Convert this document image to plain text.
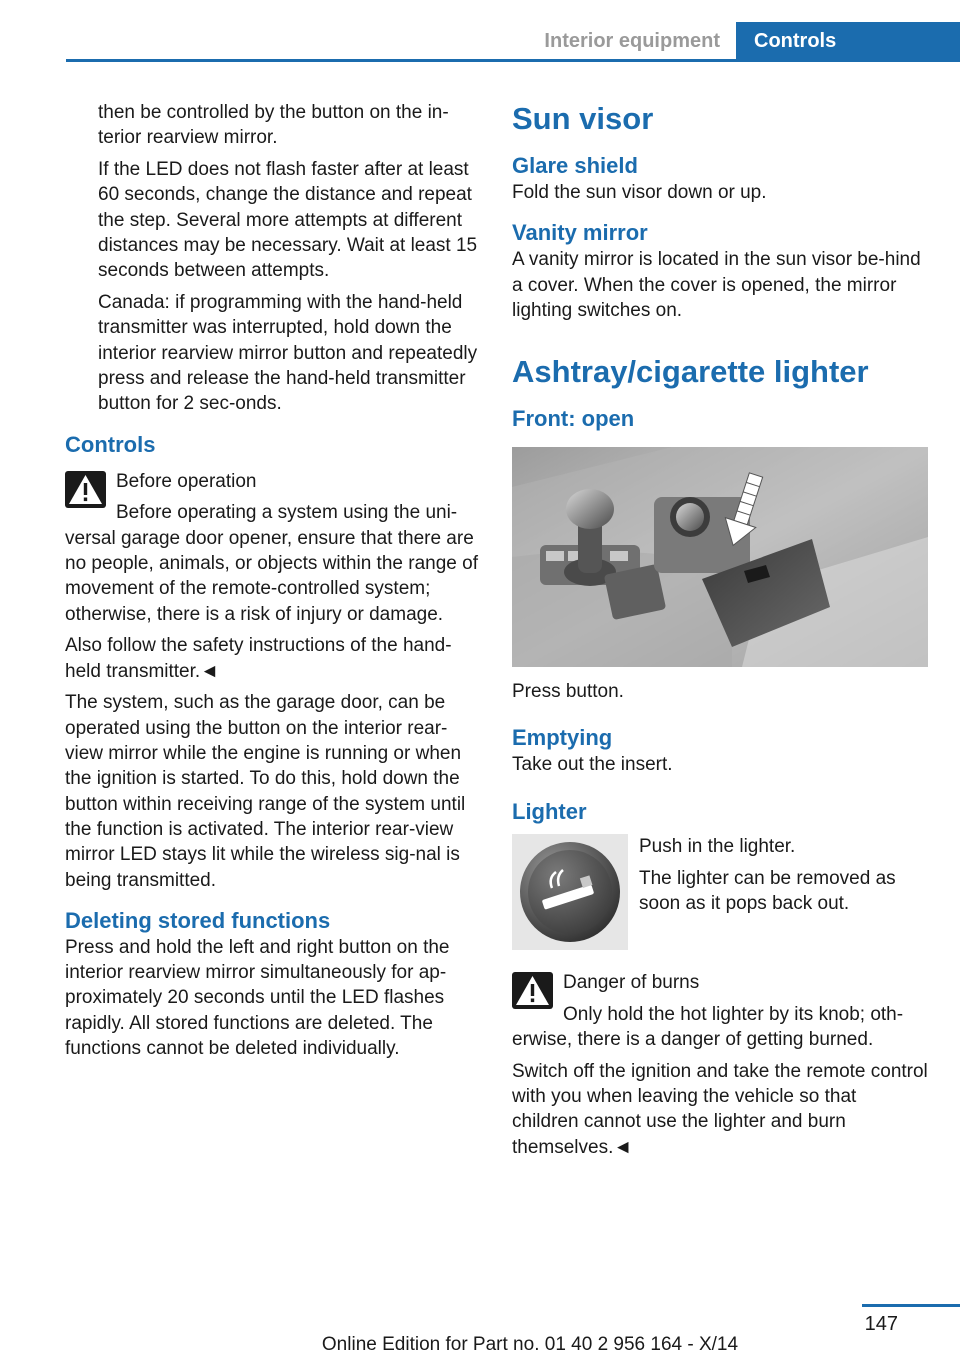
Interior equipment	Controls

then be controlled by the button on the in-terior rearview mirror.

If the LED does not flash faster after at least 60 seconds, change the distance and repeat the step. Several more attempts at different distances may be necessary. Wait at least 15 seconds between attempts.

Canada: if programming with the hand-held transmitter was interrupted, hold down the interior rearview mirror button and repeatedly press and release the hand-held transmitter button for 2 sec-onds.

Controls

Before operation

Before operating a system using the uni-versal garage door opener, ensure that there are no people, animals, or objects within the range of movement of the remote-controlled system; otherwise, there is a risk of injury or damage.

Also follow the safety instructions of the hand-held transmitter.◄

The system, such as the garage door, can be operated using the button on the interior rear-view mirror while the engine is running or when the ignition is started. To do this, hold down the button within receiving range of the system until the function is activated. The interior rear-view mirror LED stays lit while the wireless sig-nal is being transmitted.

Deleting stored functions

Press and hold the left and right button on the interior rearview mirror simultaneously for ap-proximately 20 seconds until the LED flashes rapidly. All stored functions are deleted. The functions cannot be deleted individually.

Sun visor
Glare shield

Fold the sun visor down or up.

Vanity mirror

A vanity mirror is located in the sun visor be-hind a cover. When the cover is opened, the mirror lighting switches on.

Ashtray/cigarette lighter
Front: open

Press button.

Emptying

Take out the insert.

Lighter

Push in the lighter.

The lighter can be removed as soon as it pops back out.

Danger of burns

Only hold the hot lighter by its knob; oth-erwise, there is a danger of getting burned.

Switch off the ignition and take the remote control with you when leaving the vehicle so that children cannot use the lighter and burn themselves.◄

147
Online Edition for Part no. 01 40 2 956 164 - X/14
